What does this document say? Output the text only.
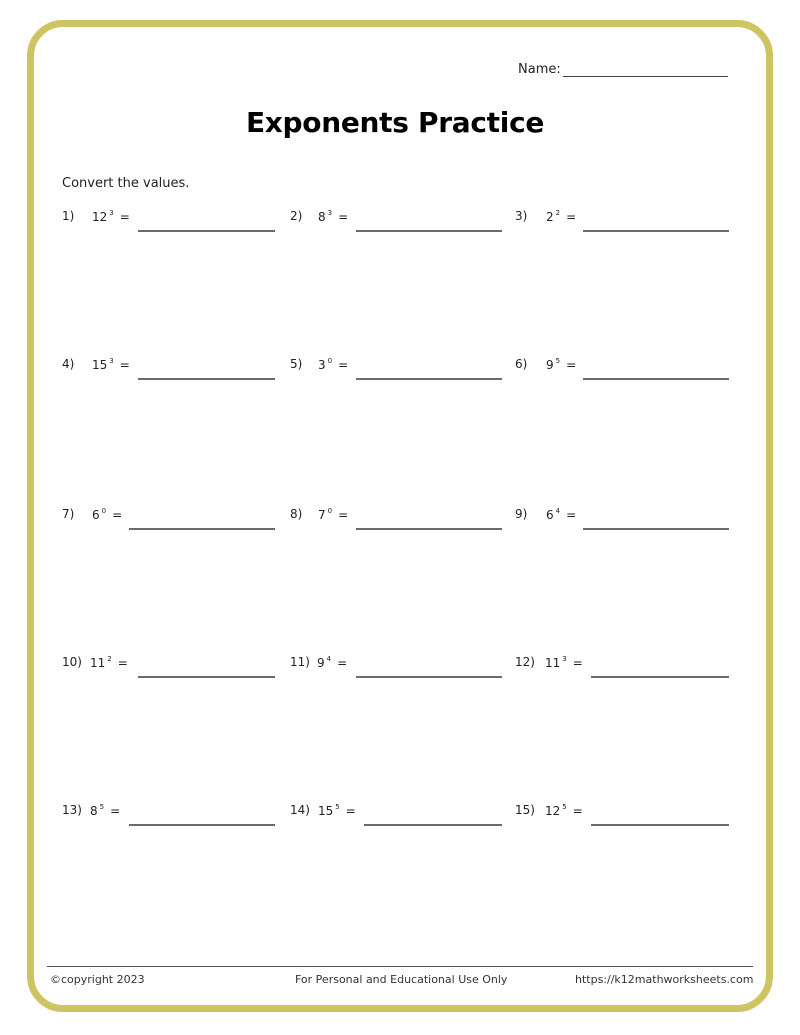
Name:
Exponents Practice
Convert the values.
1) 12 $^3$ =	2) 8 $^3$ =	3) 2 $^2$ =
4) 15 $^3$ =	5) 3 $^0$ =	6) 9 $^5$ =
7) 6 $^0$ =	8) 7 $^0$ =	9) 6 $^4$ =
10) 11 $^2$ =	11) 9 $^4$ =	12) 11 $^3$ =
13) 8 $^5$ =	14) 15 $^5$ =	15) 12 $^5$ =
©copyright 2023	For Personal and Educational Use Only	https://k12mathworksheets.com
